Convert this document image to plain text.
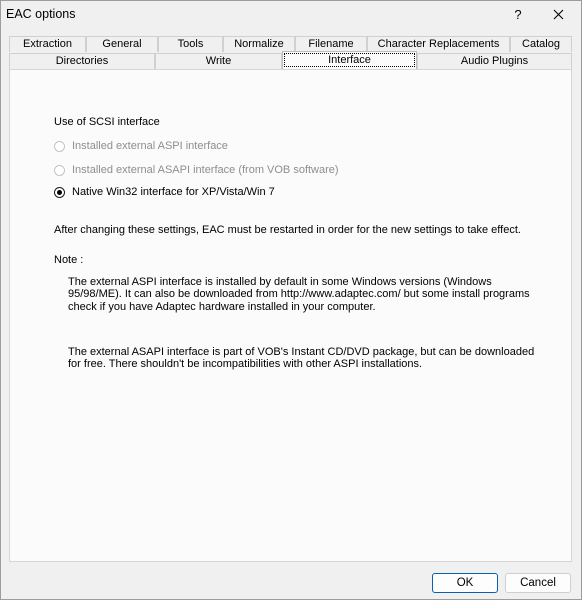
EAC options	?
Extraction	General	Tools	Normalize	Filename	Character Replacements	Catalog
Directories	Write	Interface	Audio Plugins
Use of SCSI interface
Installed external ASPI interface
Installed external ASAPI interface (from VOB software)
Native Win32 interface for XP/Vista/Win 7
After changing these settings, EAC must be restarted in order for the new settings to take effect.
Note :
The external ASPI interface is installed by default in some Windows versions (Windows 95/98/ME). It can also be downloaded from http://www.adaptec.com/ but some install programs check if you have Adaptec hardware installed in your computer.
The external ASAPI interface is part of VOB's Instant CD/DVD package, but can be downloaded for free. There shouldn't be incompatibilities with other ASPI installations.
OK	Cancel
